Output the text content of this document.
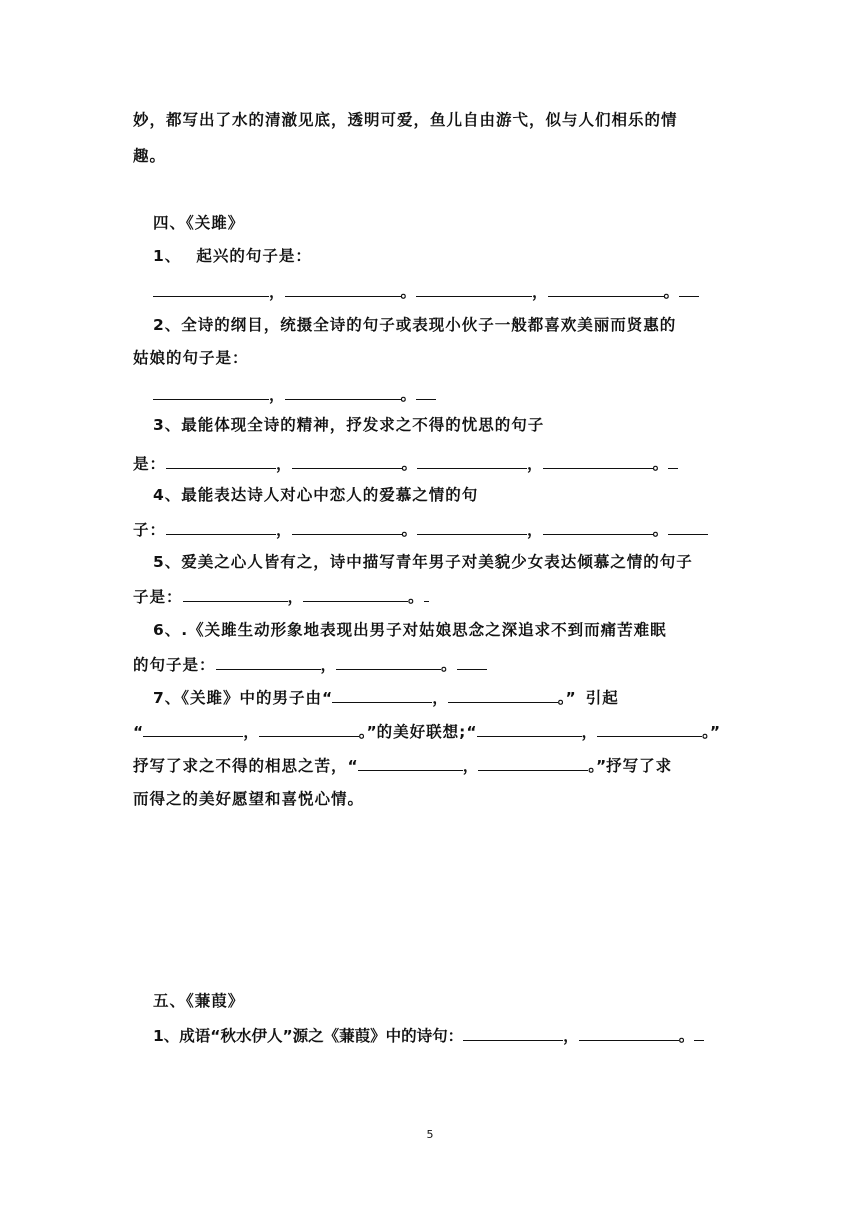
妙，都写出了水的清澈见底，透明可爱，鱼儿自由游弋，似与人们相乐的情
趣。
四、《关雎》
1、　 起兴的句子是：
，	。	，	。
2、全诗的纲目，统摄全诗的句子或表现小伙子一般都喜欢美丽而贤惠的
姑娘的句子是：
，	。
3、最能体现全诗的精神，抒发求之不得的忧思的句子
是：	，	。	，	。
4、最能表达诗人对心中恋人的爱慕之情的句
子：	，	。	，	。
5、爱美之心人皆有之，诗中描写青年男子对美貌少女表达倾慕之情的句子
子是：	，	。
6、.《关雎生动形象地表现出男子对姑娘思念之深追求不到而痛苦难眠
的句子是：	，	。
7、《关雎》中的男子由“	，	。” 引起
“	，	。”的美好联想;“	，	。”
抒写了求之不得的相思之苦，“	，	。”抒写了求
而得之的美好愿望和喜悦心情。
五、《蒹葭》
1、成语“秋水伊人”源之《蒹葭》中的诗句：	，	。
5
